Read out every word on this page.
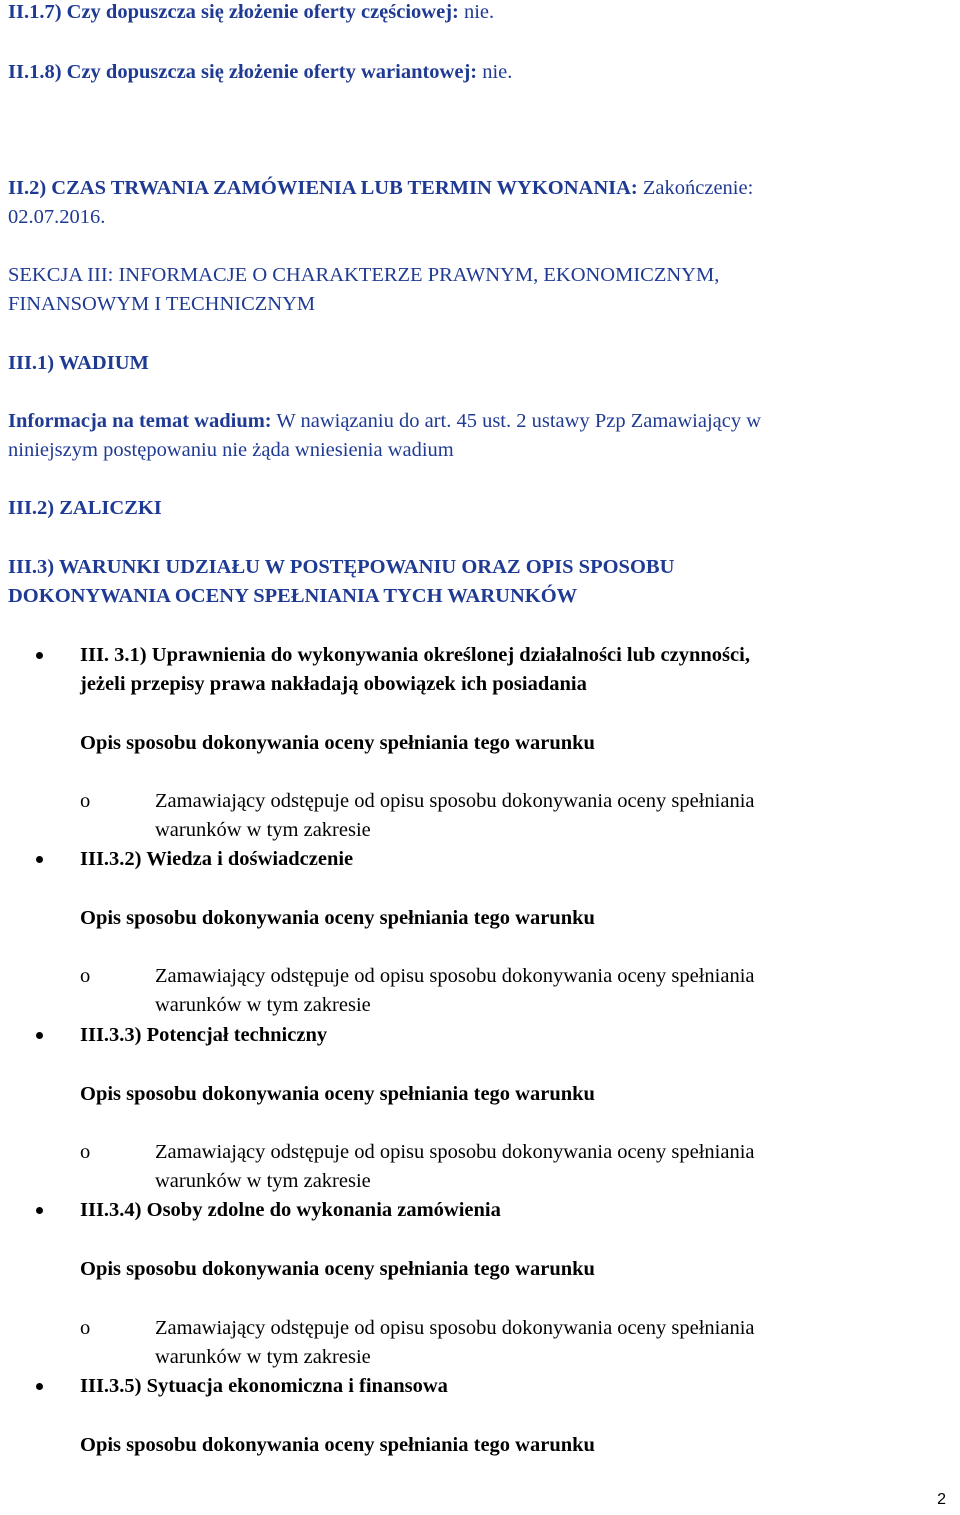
II.1.7) Czy dopuszcza się złożenie oferty częściowej: nie.

II.1.8) Czy dopuszcza się złożenie oferty wariantowej: nie.

II.2) CZAS TRWANIA ZAMÓWIENIA LUB TERMIN WYKONANIA: Zakończenie:

02.07.2016.

SEKCJA III: INFORMACJE O CHARAKTERZE PRAWNYM, EKONOMICZNYM,

FINANSOWYM I TECHNICZNYM

III.1) WADIUM

Informacja na temat wadium: W nawiązaniu do art. 45 ust. 2 ustawy Pzp Zamawiający w

niniejszym postępowaniu nie żąda wniesienia wadium

III.2) ZALICZKI

III.3) WARUNKI UDZIAŁU W POSTĘPOWANIU ORAZ OPIS SPOSOBU

DOKONYWANIA OCENY SPEŁNIANIA TYCH WARUNKÓW

III. 3.1) Uprawnienia do wykonywania określonej działalności lub czynności,

jeżeli przepisy prawa nakładają obowiązek ich posiadania

Opis sposobu dokonywania oceny spełniania tego warunku

o	Zamawiający odstępuje od opisu sposobu dokonywania oceny spełniania
warunków w tym zakresie

III.3.2) Wiedza i doświadczenie

Opis sposobu dokonywania oceny spełniania tego warunku

o	Zamawiający odstępuje od opisu sposobu dokonywania oceny spełniania
warunków w tym zakresie

III.3.3) Potencjał techniczny

Opis sposobu dokonywania oceny spełniania tego warunku

o	Zamawiający odstępuje od opisu sposobu dokonywania oceny spełniania
warunków w tym zakresie

III.3.4) Osoby zdolne do wykonania zamówienia

Opis sposobu dokonywania oceny spełniania tego warunku

o	Zamawiający odstępuje od opisu sposobu dokonywania oceny spełniania
warunków w tym zakresie

III.3.5) Sytuacja ekonomiczna i finansowa

Opis sposobu dokonywania oceny spełniania tego warunku

2
